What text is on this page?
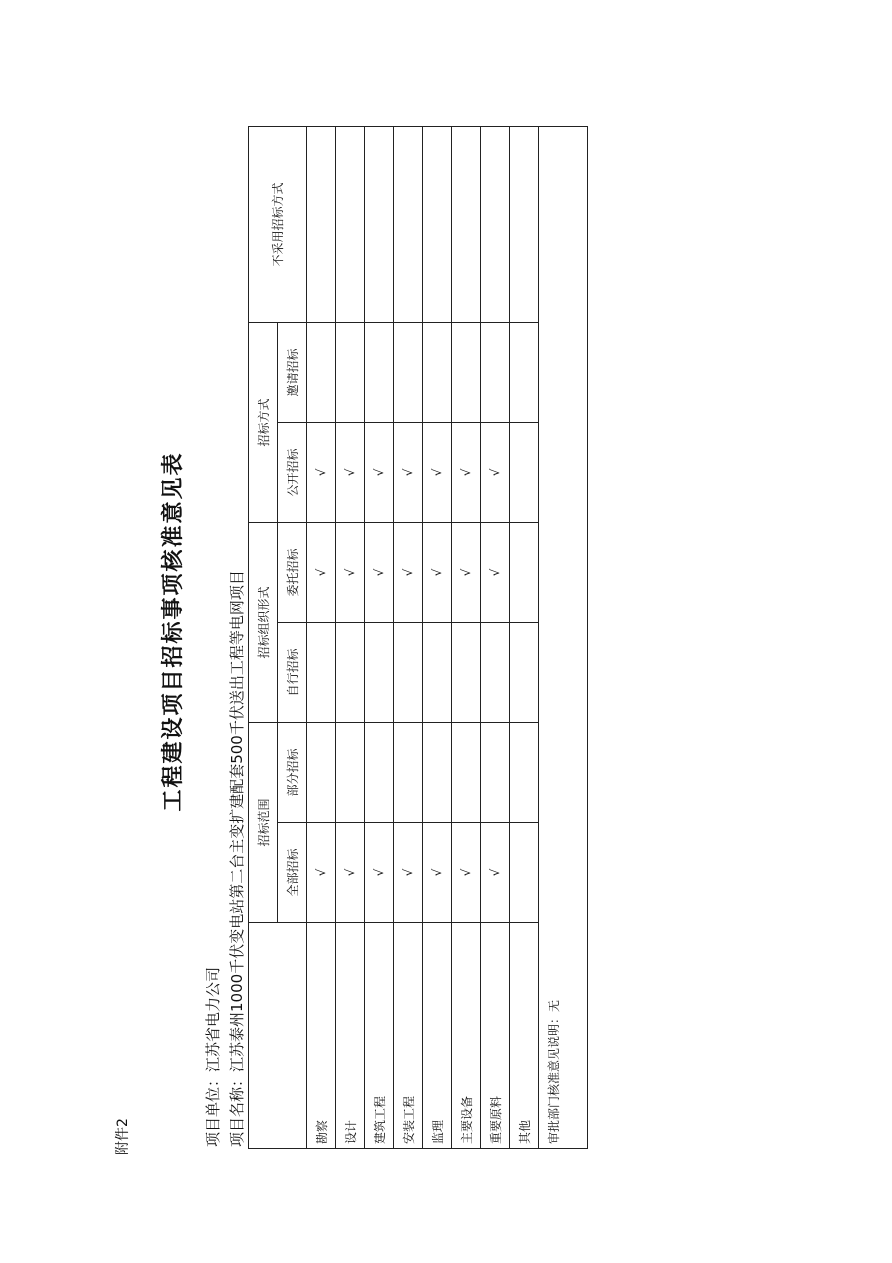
附件2
工程建设项目招标事项核准意见表
项目单位：江苏省电力公司
项目名称：江苏泰州1000千伏变电站第二台主变扩建配套500千伏送出工程等电网项目
	招标范围		招标组织形式		招标方式		不采用招标方式
	全部招标	部分招标	自行招标	委托招标	公开招标	邀请招标	
勘察	√			√	√		
设计	√			√	√		
建筑工程	√			√	√		
安装工程	√			√	√		
监理	√			√	√		
主要设备	√			√	√		
重要原料	√			√	√		
其他							
审批部门核准意见说明：无							
